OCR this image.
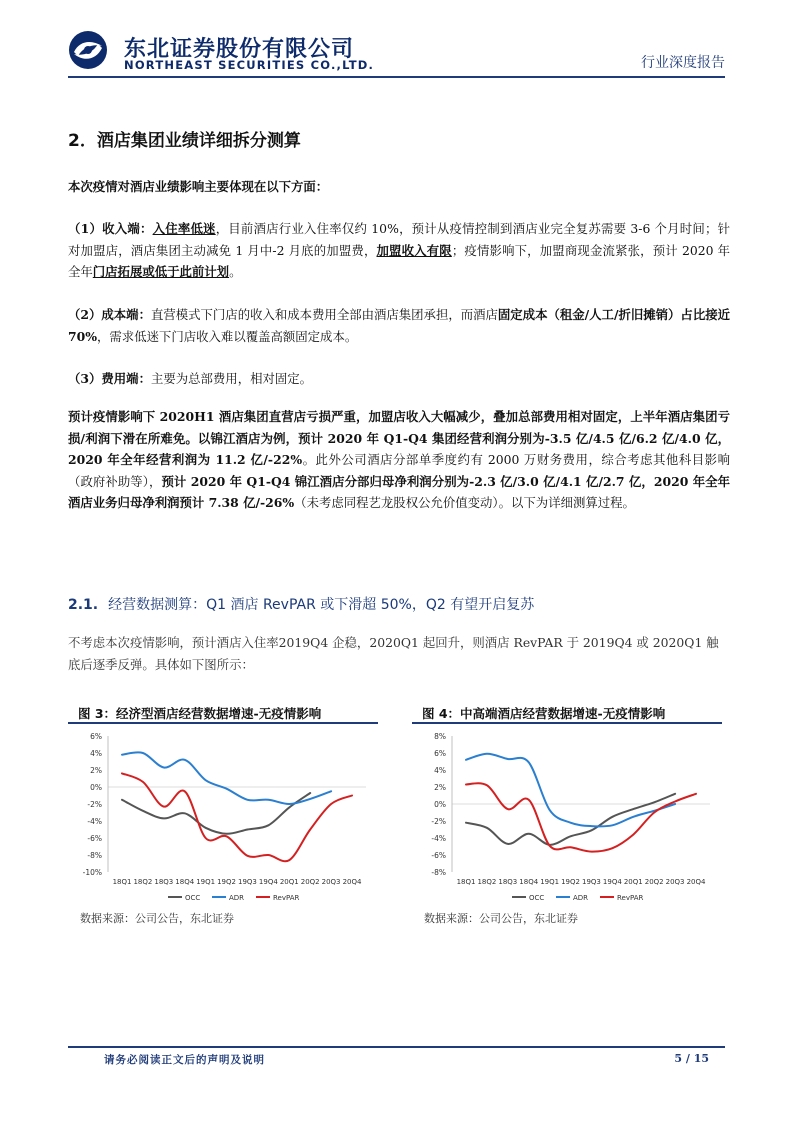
东北证券股份有限公司
NORTHEAST SECURITIES CO.,LTD.	行业深度报告
2．酒店集团业绩详细拆分测算
本次疫情对酒店业绩影响主要体现在以下方面：
（1）收入端：入住率低迷，目前酒店行业入住率仅约 10%，预计从疫情控制到酒店业完全复苏需要 3-6 个月时间；针对加盟店，酒店集团主动减免 1 月中-2 月底的加盟费，加盟收入有限；疫情影响下，加盟商现金流紧张，预计 2020 年全年门店拓展或低于此前计划。
（2）成本端：直营模式下门店的收入和成本费用全部由酒店集团承担，而酒店固定成本（租金/人工/折旧摊销）占比接近 70%，需求低迷下门店收入难以覆盖高额固定成本。
（3）费用端：主要为总部费用，相对固定。
预计疫情影响下 2020H1 酒店集团直营店亏损严重，加盟店收入大幅减少，叠加总部费用相对固定，上半年酒店集团亏损/利润下滑在所难免。以锦江酒店为例，预计 2020 年 Q1-Q4 集团经营利润分别为-3.5 亿/4.5 亿/6.2 亿/4.0 亿，2020 年全年经营利润为 11.2 亿/-22%。此外公司酒店分部单季度约有 2000 万财务费用，综合考虑其他科目影响（政府补助等），预计 2020 年 Q1-Q4 锦江酒店分部归母净利润分别为-2.3 亿/3.0 亿/4.1 亿/2.7 亿，2020 年全年酒店业务归母净利润预计 7.38 亿/-26%（未考虑同程艺龙股权公允价值变动）。以下为详细测算过程。
2.1. 经营数据测算：Q1 酒店 RevPAR 或下滑超 50%，Q2 有望开启复苏
不考虑本次疫情影响，预计酒店入住率2019Q4 企稳，2020Q1 起回升，则酒店 RevPAR 于 2019Q4 或 2020Q1 触底后逐季反弹。具体如下图所示：
图 3：经济型酒店经营数据增速-无疫情影响
6%
4%
2%
0%
-2%
-4%
-6%
-8%
-10%
18Q1 18Q2 18Q3 18Q4 19Q1 19Q2 19Q3 19Q4 20Q1 20Q2 20Q3 20Q4
OCC	ADR	RevPAR
数据来源：公司公告，东北证券
图 4：中高端酒店经营数据增速-无疫情影响
8%
6%
4%
2%
0%
-2%
-4%
-6%
-8%
18Q1 18Q2 18Q3 18Q4 19Q1 19Q2 19Q3 19Q4 20Q1 20Q2 20Q3 20Q4
OCC	ADR	RevPAR
数据来源：公司公告，东北证券
请务必阅读正文后的声明及说明	5 / 15
